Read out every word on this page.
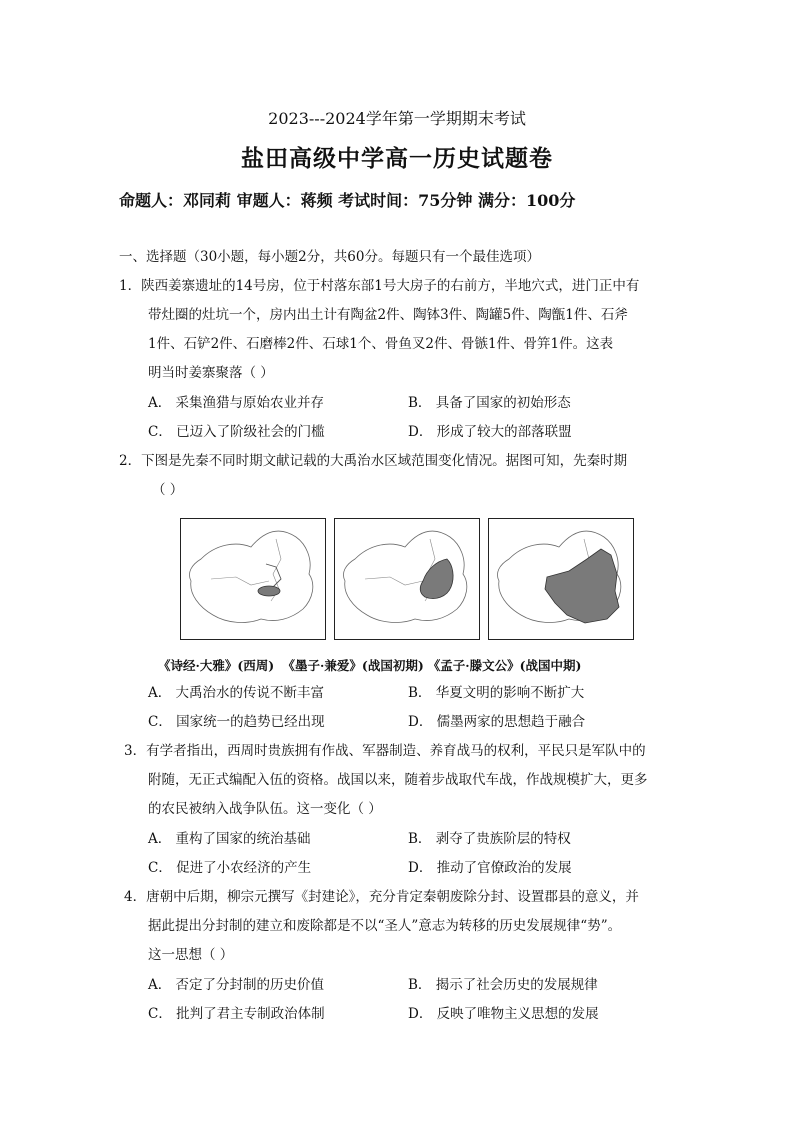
2023---2024学年第一学期期末考试
盐田高级中学高一历史试题卷
命题人：邓同莉 审题人：蒋频 考试时间：75分钟 满分：100分
一、选择题（30小题，每小题2分，共60分。每题只有一个最佳选项）
1．陕西姜寨遗址的14号房，位于村落东部1号大房子的右前方，半地穴式，进门正中有
带灶圈的灶坑一个，房内出土计有陶盆2件、陶钵3件、陶罐5件、陶甑1件、石斧
1件、石铲2件、石磨棒2件、石球1个、骨鱼叉2件、骨镞1件、骨笄1件。这表
明当时姜寨聚落（ ）
A． 采集渔猎与原始农业并存	B． 具备了国家的初始形态
C． 已迈入了阶级社会的门槛	D． 形成了较大的部落联盟
2．下图是先秦不同时期文献记载的大禹治水区域范围变化情况。据图可知，先秦时期
（ ）
《诗经·大雅》(西周) 《墨子·兼爱》(战国初期) 《孟子·滕文公》(战国中期)
A． 大禹治水的传说不断丰富	B． 华夏文明的影响不断扩大
C． 国家统一的趋势已经出现	D． 儒墨两家的思想趋于融合
3．有学者指出，西周时贵族拥有作战、军器制造、养育战马的权利，平民只是军队中的
附随，无正式编配入伍的资格。战国以来，随着步战取代车战，作战规模扩大，更多
的农民被纳入战争队伍。这一变化（ ）
A． 重构了国家的统治基础	B． 剥夺了贵族阶层的特权
C． 促进了小农经济的产生	D． 推动了官僚政治的发展
4．唐朝中后期，柳宗元撰写《封建论》，充分肯定秦朝废除分封、设置郡县的意义，并
据此提出分封制的建立和废除都是不以“圣人”意志为转移的历史发展规律“势”。
这一思想（ ）
A． 否定了分封制的历史价值	B． 揭示了社会历史的发展规律
C． 批判了君主专制政治体制	D． 反映了唯物主义思想的发展
